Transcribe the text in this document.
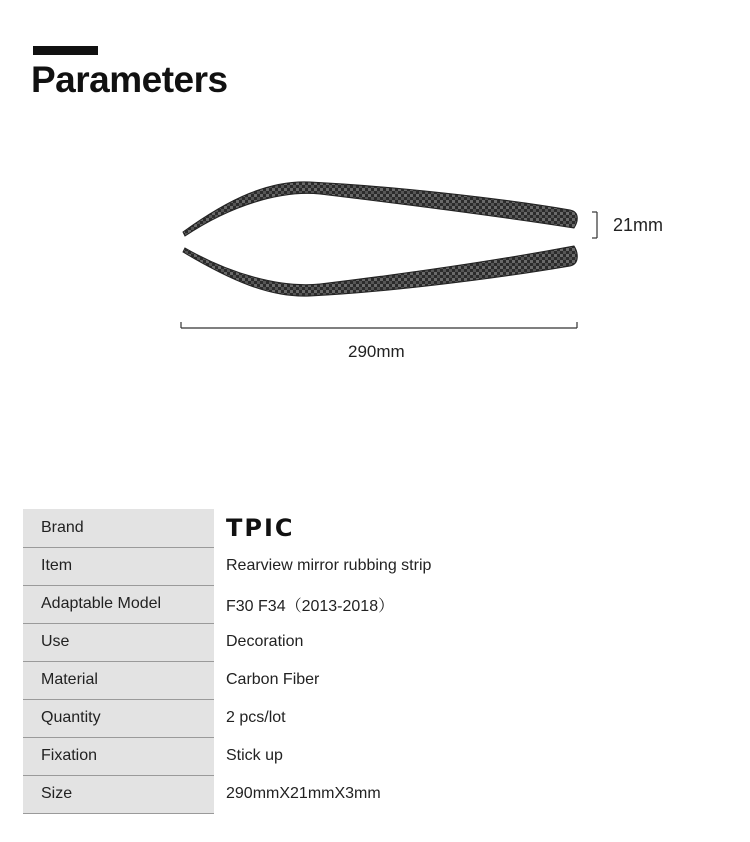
Parameters
21mm
290mm
Brand	TPIC
Item	Rearview mirror rubbing strip
Adaptable Model	F30 F34（2013-2018）
Use	Decoration
Material	Carbon Fiber
Quantity	2 pcs/lot
Fixation	Stick up
Size	290mmX21mmX3mm
